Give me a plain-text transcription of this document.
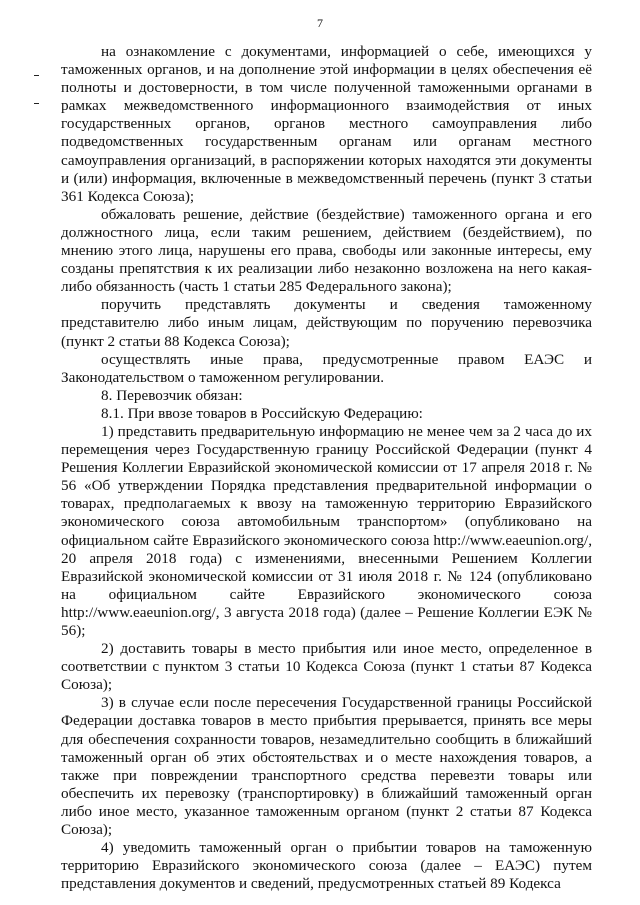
7

на ознакомление с документами, информацией о себе, имеющихся у таможенных органов, и на дополнение этой информации в целях обеспечения её полноты и достоверности, в том числе полученной таможенными органами в рамках межведомственного информационного взаимодействия от иных государственных органов, органов местного самоуправления либо подведомственных государственным органам или органам местного самоуправления организаций, в распоряжении которых находятся эти документы и (или) информация, включенные в межведомственный перечень (пункт 3 статьи 361 Кодекса Союза);

обжаловать решение, действие (бездействие) таможенного органа и его должностного лица, если таким решением, действием (бездействием), по мнению этого лица, нарушены его права, свободы или законные интересы, ему созданы препятствия к их реализации либо незаконно возложена на него какая-либо обязанность (часть 1 статьи 285 Федерального закона);

поручить представлять документы и сведения таможенному представителю либо иным лицам, действующим по поручению перевозчика (пункт 2 статьи 88 Кодекса Союза);

осуществлять иные права, предусмотренные правом ЕАЭС и Законодательством о таможенном регулировании.

8. Перевозчик обязан:

8.1. При ввозе товаров в Российскую Федерацию:

1) представить предварительную информацию не менее чем за 2 часа до их перемещения через Государственную границу Российской Федерации (пункт 4 Решения Коллегии Евразийской экономической комиссии от 17 апреля 2018 г. № 56 «Об утверждении Порядка представления предварительной информации о товарах, предполагаемых к ввозу на таможенную территорию Евразийского экономического союза автомобильным транспортом» (опубликовано на официальном сайте Евразийского экономического союза http://www.eaeunion.org/, 20 апреля 2018 года) с изменениями, внесенными Решением Коллегии Евразийской экономической комиссии от 31 июля 2018 г. № 124 (опубликовано на официальном сайте Евразийского экономического союза http://www.eaeunion.org/, 3 августа 2018 года) (далее – Решение Коллегии ЕЭК № 56);

2) доставить товары в место прибытия или иное место, определенное в соответствии с пунктом 3 статьи 10 Кодекса Союза (пункт 1 статьи 87 Кодекса Союза);

3) в случае если после пересечения Государственной границы Российской Федерации доставка товаров в место прибытия прерывается, принять все меры для обеспечения сохранности товаров, незамедлительно сообщить в ближайший таможенный орган об этих обстоятельствах и о месте нахождения товаров, а также при повреждении транспортного средства перевезти товары или обеспечить их перевозку (транспортировку) в ближайший таможенный орган либо иное место, указанное таможенным органом (пункт 2 статьи 87 Кодекса Союза);

4) уведомить таможенный орган о прибытии товаров на таможенную территорию Евразийского экономического союза (далее – ЕАЭС) путем представления документов и сведений, предусмотренных статьей 89 Кодекса
